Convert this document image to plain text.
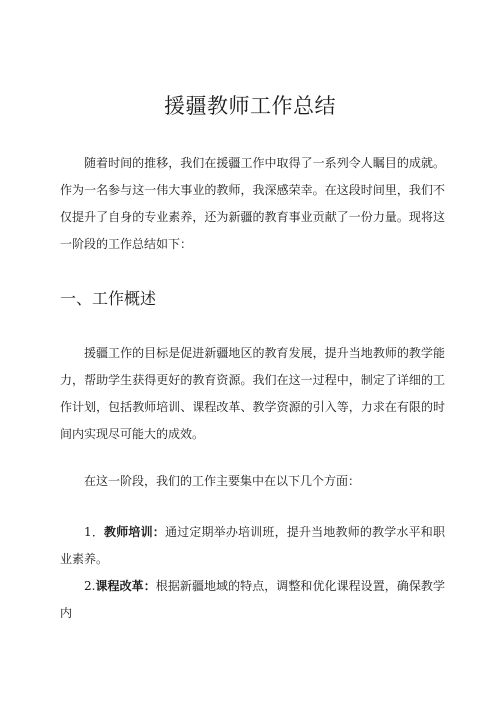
援疆教师工作总结

随着时间的推移，我们在援疆工作中取得了一系列令人瞩目的成就。作为一名参与这一伟大事业的教师，我深感荣幸。在这段时间里，我们不仅提升了自身的专业素养，还为新疆的教育事业贡献了一份力量。现将这一阶段的工作总结如下：

一、工作概述

援疆工作的目标是促进新疆地区的教育发展，提升当地教师的教学能力，帮助学生获得更好的教育资源。我们在这一过程中，制定了详细的工作计划，包括教师培训、课程改革、教学资源的引入等，力求在有限的时间内实现尽可能大的成效。

在这一阶段，我们的工作主要集中在以下几个方面：

1．教师培训：通过定期举办培训班，提升当地教师的教学水平和职业素养。

2.课程改革：根据新疆地域的特点，调整和优化课程设置，确保教学内
